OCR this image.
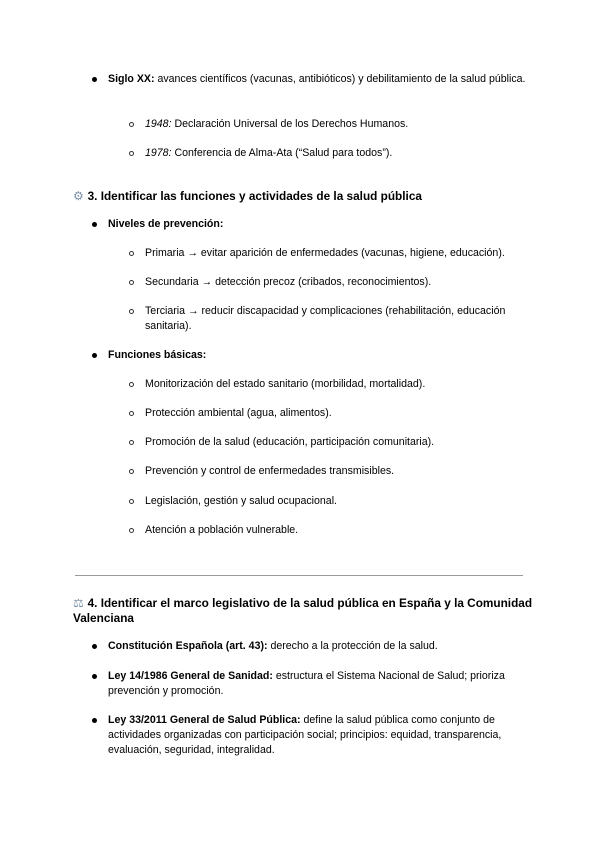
Siglo XX: avances científicos (vacunas, antibióticos) y debilitamiento de la salud pública.
1948: Declaración Universal de los Derechos Humanos.
1978: Conferencia de Alma-Ata (“Salud para todos”).
⚙ 3. Identificar las funciones y actividades de la salud pública
Niveles de prevención:
Primaria → evitar aparición de enfermedades (vacunas, higiene, educación).
Secundaria → detección precoz (cribados, reconocimientos).
Terciaria → reducir discapacidad y complicaciones (rehabilitación, educación sanitaria).
Funciones básicas:
Monitorización del estado sanitario (morbilidad, mortalidad).
Protección ambiental (agua, alimentos).
Promoción de la salud (educación, participación comunitaria).
Prevención y control de enfermedades transmisibles.
Legislación, gestión y salud ocupacional.
Atención a población vulnerable.
⚖ 4. Identificar el marco legislativo de la salud pública en España y la Comunidad Valenciana
Constitución Española (art. 43): derecho a la protección de la salud.
Ley 14/1986 General de Sanidad: estructura el Sistema Nacional de Salud; prioriza prevención y promoción.
Ley 33/2011 General de Salud Pública: define la salud pública como conjunto de actividades organizadas con participación social; principios: equidad, transparencia, evaluación, seguridad, integralidad.
